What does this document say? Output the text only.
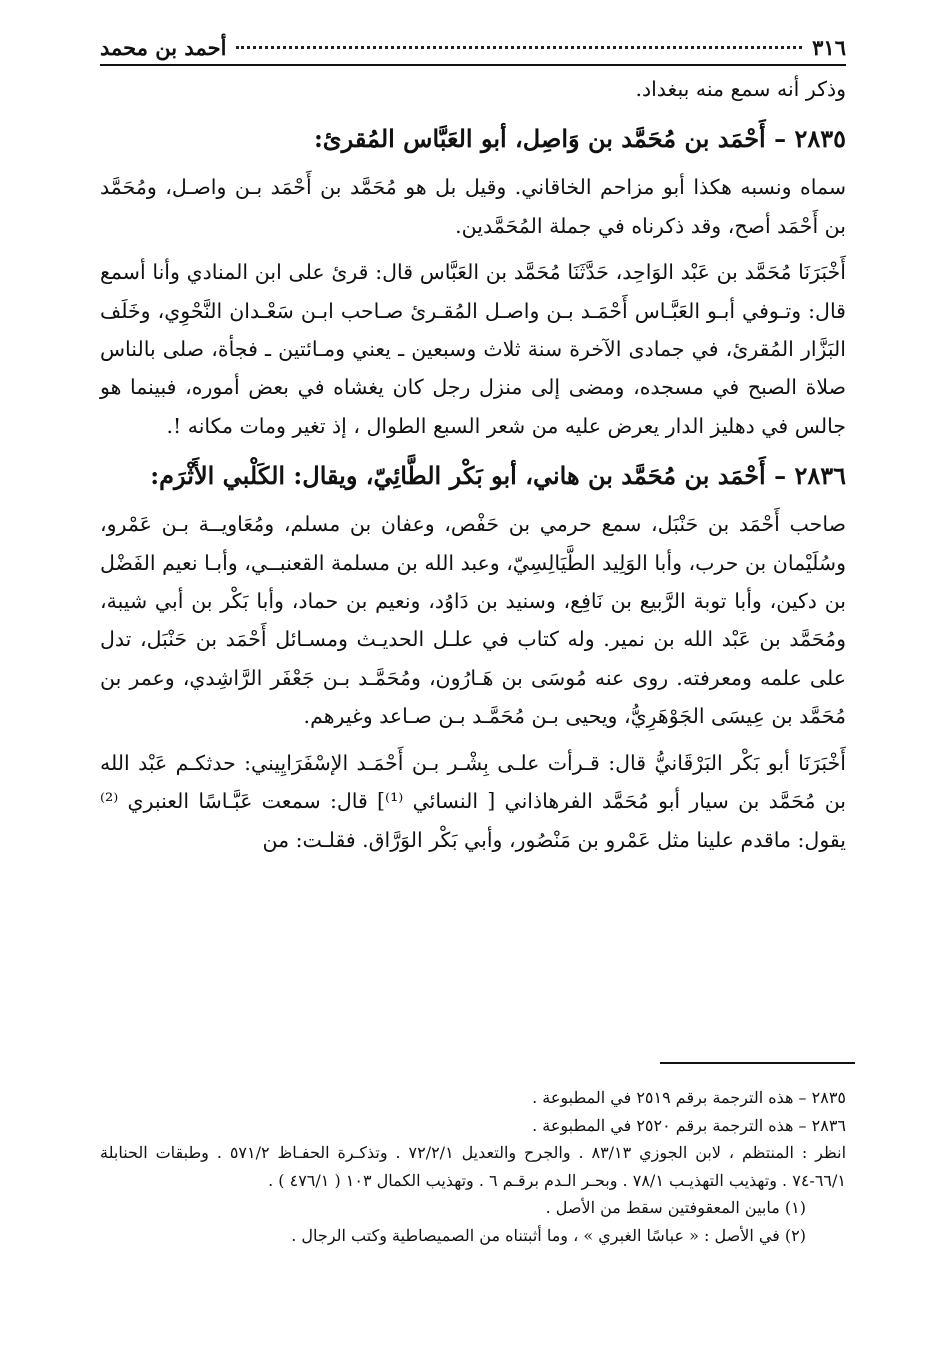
٣١٦
أحمد بن محمد

وذكر أنه سمع منه ببغداد.

٢٨٣٥ – أَحْمَد بن مُحَمَّد بن وَاصِل، أبو العَبَّاس المُقرئ:

سماه ونسبه هكذا أبو مزاحم الخاقاني. وقيل بل هو مُحَمَّد بن أَحْمَد بـن واصـل، ومُحَمَّد بن أَحْمَد أصح، وقد ذكرناه في جملة المُحَمَّدين.

أَخْبَرَنَا مُحَمَّد بن عَبْد الوَاحِد، حَدَّثَنَا مُحَمَّد بن العَبَّاس قال: قرئ على ابن المنادي وأنا أسمع قال: وتـوفي أبـو العَبَّـاس أَحْمَـد بـن واصـل المُقـرئ صـاحب ابـن سَعْـدان النَّحْوِي، وخَلَف البَزَّار المُقرئ، في جمادى الآخرة سنة ثلاث وسبعين ـ يعني ومـائتين ـ فجأة، صلى بالناس صلاة الصبح في مسجده، ومضى إلى منزل رجل كان يغشاه في بعض أموره، فبينما هو جالس في دهليز الدار يعرض عليه من شعر السبع الطوال ، إذ تغير ومات مكانه !.

٢٨٣٦ – أَحْمَد بن مُحَمَّد بن هاني، أبو بَكْر الطَّائِيّ، ويقال: الكَلْبي الأَثْرَم:

صاحب أَحْمَد بن حَنْبَل، سمع حرمي بن حَفْص، وعفان بن مسلم، ومُعَاويــة بـن عَمْرو، وسُلَيْمان بن حرب، وأبا الوَلِيد الطَّيَالِسِيّ، وعبد الله بن مسلمة القعنبــي، وأبـا نعيم الفَضْل بن دكين، وأبا توبة الرَّبيع بن نَافِع، وسنيد بن دَاوُد، ونعيم بن حماد، وأبا بَكْر بن أبي شيبة، ومُحَمَّد بن عَبْد الله بن نمير. وله كتاب في علـل الحديـث ومسـائل أَحْمَد بن حَنْبَل، تدل على علمه ومعرفته. روى عنه مُوسَى بن هَـارُون، ومُحَمَّـد بـن جَعْفَر الرَّاشِدي، وعمر بن مُحَمَّد بن عِيسَى الجَوْهَرِيُّ، ويحيى بـن مُحَمَّـد بـن صـاعد وغيرهم.

أَخْبَرَنَا أبو بَكْر البَرْقَانيُّ قال: قـرأت علـى بِشْـر بـن أَحْمَـد الإسْفَرَايِيني: حدثكـم عَبْد الله بن مُحَمَّد بن سيار أبو مُحَمَّد الفرهاذاني [ النسائي ⁽¹⁾] قال: سمعت عَبَّـاسًا العنبري ⁽²⁾ يقول: ماقدم علينا مثل عَمْرو بن مَنْصُور، وأبي بَكْر الوَرَّاق. فقلـت: من

٢٨٣٥ – هذه الترجمة برقم ٢٥١٩ في المطبوعة .

٢٨٣٦ – هذه الترجمة برقم ٢٥٢٠ في المطبوعة .

انظر : المنتظم ، لابن الجوزي ٨٣/١٣ . والجرح والتعديل ٧٢/٢/١ . وتذكـرة الحفـاظ ٥٧١/٢ . وطبقات الحنابلة ٦٦/١-٧٤ . وتهذيب التهذيـب ٧٨/١ . وبحـر الـدم برقـم ٦ . وتهذيب الكمال ١٠٣ ( ٤٧٦/١ ) .

(١) مابين المعقوفتين سقط من الأصل .

(٢) في الأصل : « عباسًا الغبري » ، وما أثبتناه من الصميصاطية وكتب الرجال .
